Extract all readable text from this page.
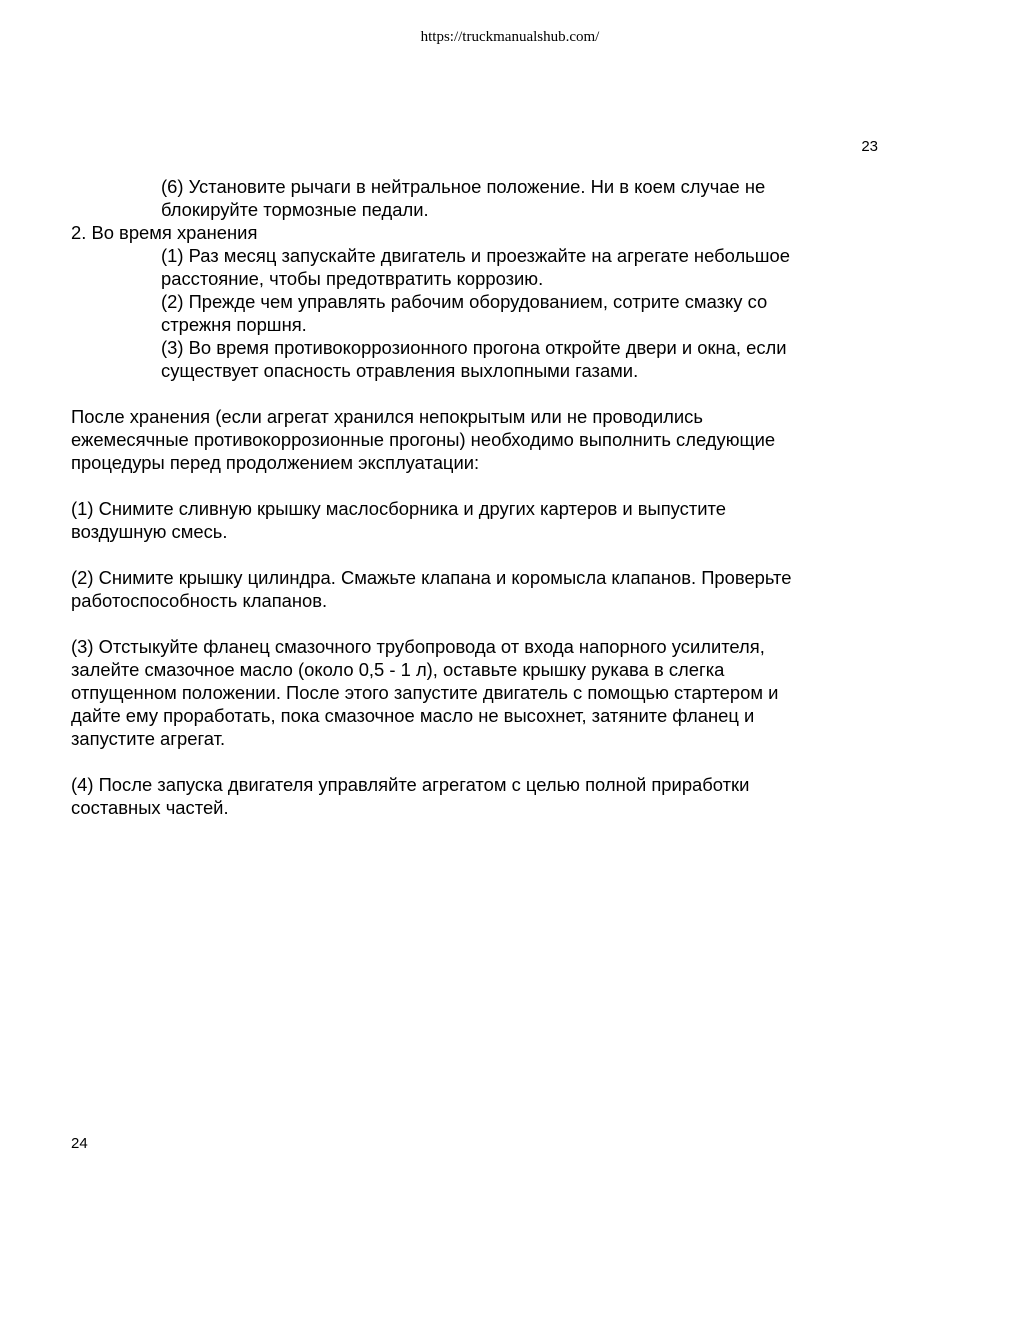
https://truckmanualshub.com/
23
(6) Установите рычаги в нейтральное положение. Ни в коем случае не
блокируйте тормозные педали.
2. Во время хранения
(1) Раз месяц запускайте двигатель и проезжайте на агрегате небольшое
расстояние, чтобы предотвратить коррозию.
(2) Прежде чем управлять рабочим оборудованием, сотрите смазку со
стрежня поршня.
(3) Во время противокоррозионного прогона откройте двери и окна, если
существует опасность отравления выхлопными газами.
После хранения (если агрегат хранился непокрытым или не проводились
ежемесячные противокоррозионные прогоны) необходимо выполнить следующие
процедуры перед продолжением эксплуатации:
(1) Снимите сливную крышку маслосборника и других картеров и выпустите
воздушную смесь.
(2) Снимите крышку цилиндра. Смажьте клапана и коромысла клапанов. Проверьте
работоспособность клапанов.
(3) Отстыкуйте фланец смазочного трубопровода от входа напорного усилителя,
залейте смазочное масло (около 0,5 - 1 л), оставьте крышку рукава в слегка
отпущенном положении. После этого запустите двигатель с помощью стартером и
дайте ему проработать, пока смазочное масло не высохнет, затяните фланец и
запустите агрегат.
(4) После запуска двигателя управляйте агрегатом с целью полной приработки
составных частей.
24
